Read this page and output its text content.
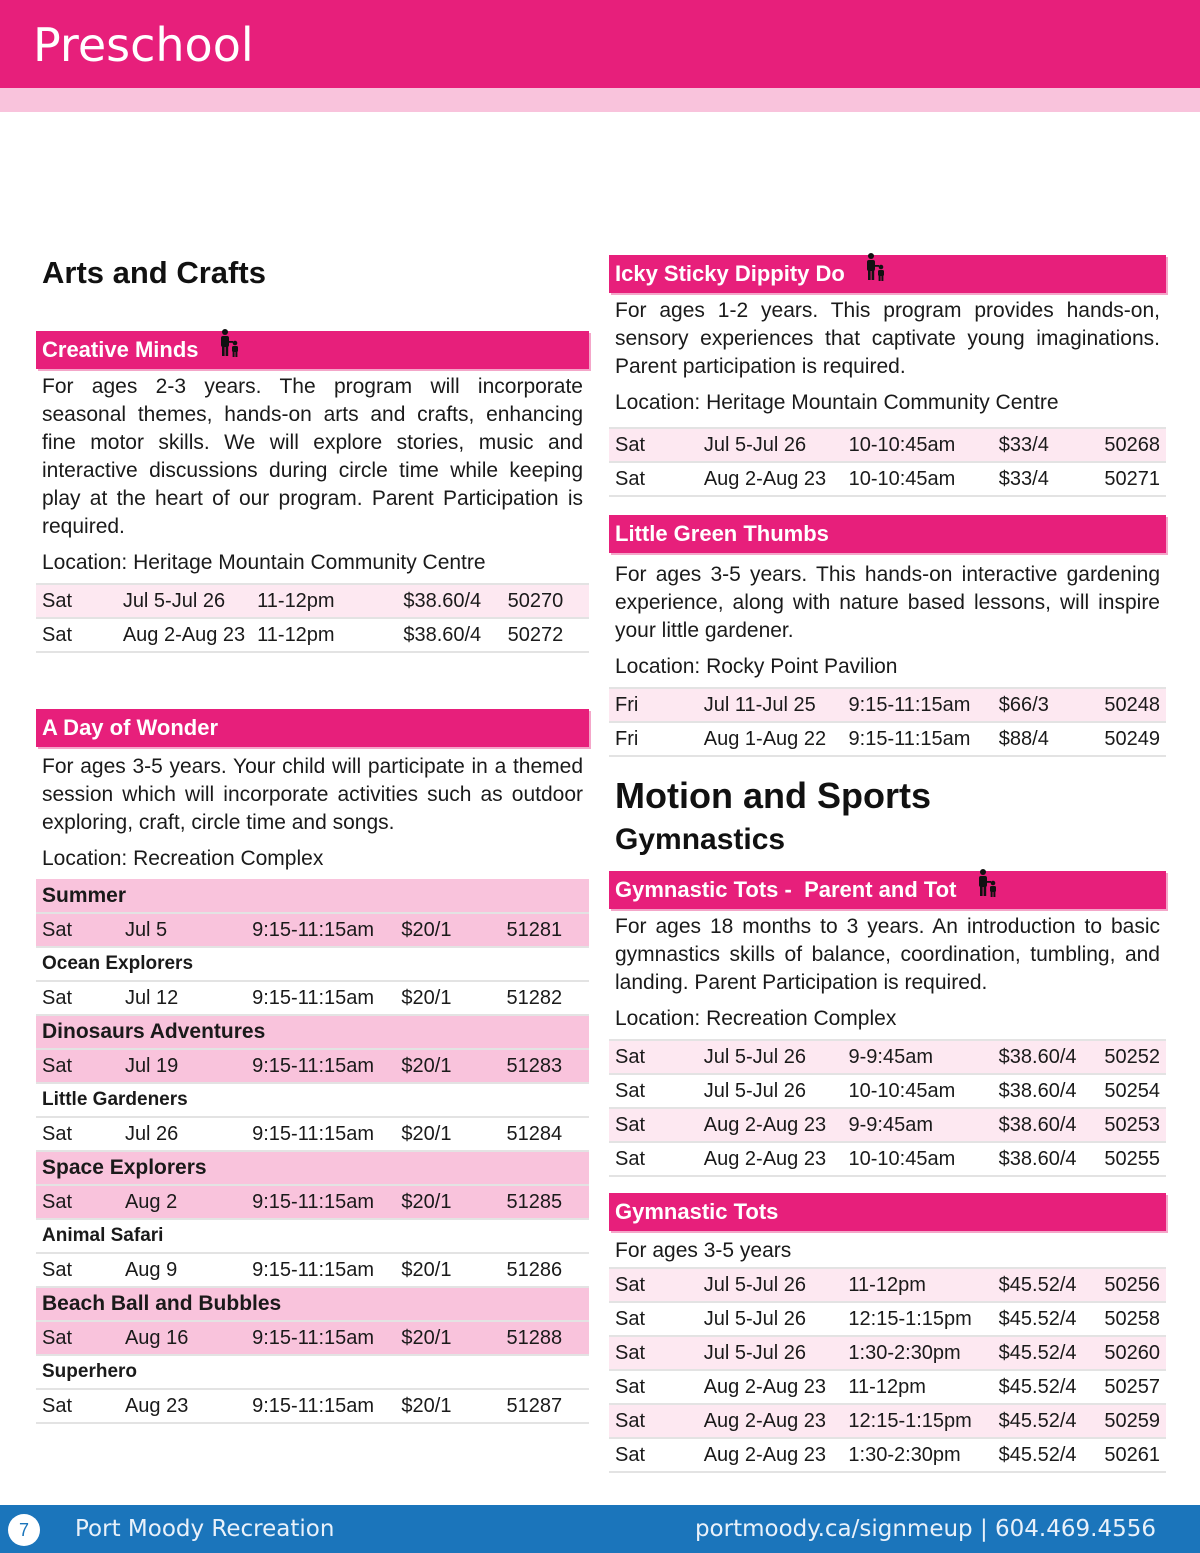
Preschool
Arts and Crafts
Creative Minds
For ages 2-3 years. The program will incorporate seasonal themes, hands-on arts and crafts, enhancing fine motor skills. We will explore stories, music and interactive discussions during circle time while keeping play at the heart of our program. Parent Participation is required.
Location: Heritage Mountain Community Centre
Sat	Jul 5-Jul 26	11-12pm	$38.60/4	50270
Sat	Aug 2-Aug 23	11-12pm	$38.60/4	50272
A Day of Wonder
For ages 3-5 years. Your child will participate in a themed session which will incorporate activities such as outdoor exploring, craft, circle time and songs.
Location: Recreation Complex
Summer				
Sat	Jul 5	9:15-11:15am	$20/1	51281
Ocean Explorers				
Sat	Jul 12	9:15-11:15am	$20/1	51282
Dinosaurs Adventures				
Sat	Jul 19	9:15-11:15am	$20/1	51283
Little Gardeners				
Sat	Jul 26	9:15-11:15am	$20/1	51284
Space Explorers				
Sat	Aug 2	9:15-11:15am	$20/1	51285
Animal Safari				
Sat	Aug 9	9:15-11:15am	$20/1	51286
Beach Ball and Bubbles				
Sat	Aug 16	9:15-11:15am	$20/1	51288
Superhero				
Sat	Aug 23	9:15-11:15am	$20/1	51287
Icky Sticky Dippity Do
For ages 1-2 years. This program provides hands-on, sensory experiences that captivate young imaginations. Parent participation is required.
Location: Heritage Mountain Community Centre
Sat	Jul 5-Jul 26	10-10:45am	$33/4	50268
Sat	Aug 2-Aug 23	10-10:45am	$33/4	50271
Little Green Thumbs
For ages 3-5 years. This hands-on interactive gardening experience, along with nature based lessons, will inspire your little gardener.
Location: Rocky Point Pavilion
Fri	Jul 11-Jul 25	9:15-11:15am	$66/3	50248
Fri	Aug 1-Aug 22	9:15-11:15am	$88/4	50249
Motion and Sports
Gymnastics
Gymnastic Tots -  Parent and Tot
For ages 18 months to 3 years. An introduction to basic gymnastics skills of balance, coordination, tumbling, and landing. Parent Participation is required.
Location: Recreation Complex
Sat	Jul 5-Jul 26	9-9:45am	$38.60/4	50252
Sat	Jul 5-Jul 26	10-10:45am	$38.60/4	50254
Sat	Aug 2-Aug 23	9-9:45am	$38.60/4	50253
Sat	Aug 2-Aug 23	10-10:45am	$38.60/4	50255
Gymnastic Tots
For ages 3-5 years
Sat	Jul 5-Jul 26	11-12pm	$45.52/4	50256
Sat	Jul 5-Jul 26	12:15-1:15pm	$45.52/4	50258
Sat	Jul 5-Jul 26	1:30-2:30pm	$45.52/4	50260
Sat	Aug 2-Aug 23	11-12pm	$45.52/4	50257
Sat	Aug 2-Aug 23	12:15-1:15pm	$45.52/4	50259
Sat	Aug 2-Aug 23	1:30-2:30pm	$45.52/4	50261
7	Port Moody Recreation	portmoody.ca/signmeup | 604.469.4556
